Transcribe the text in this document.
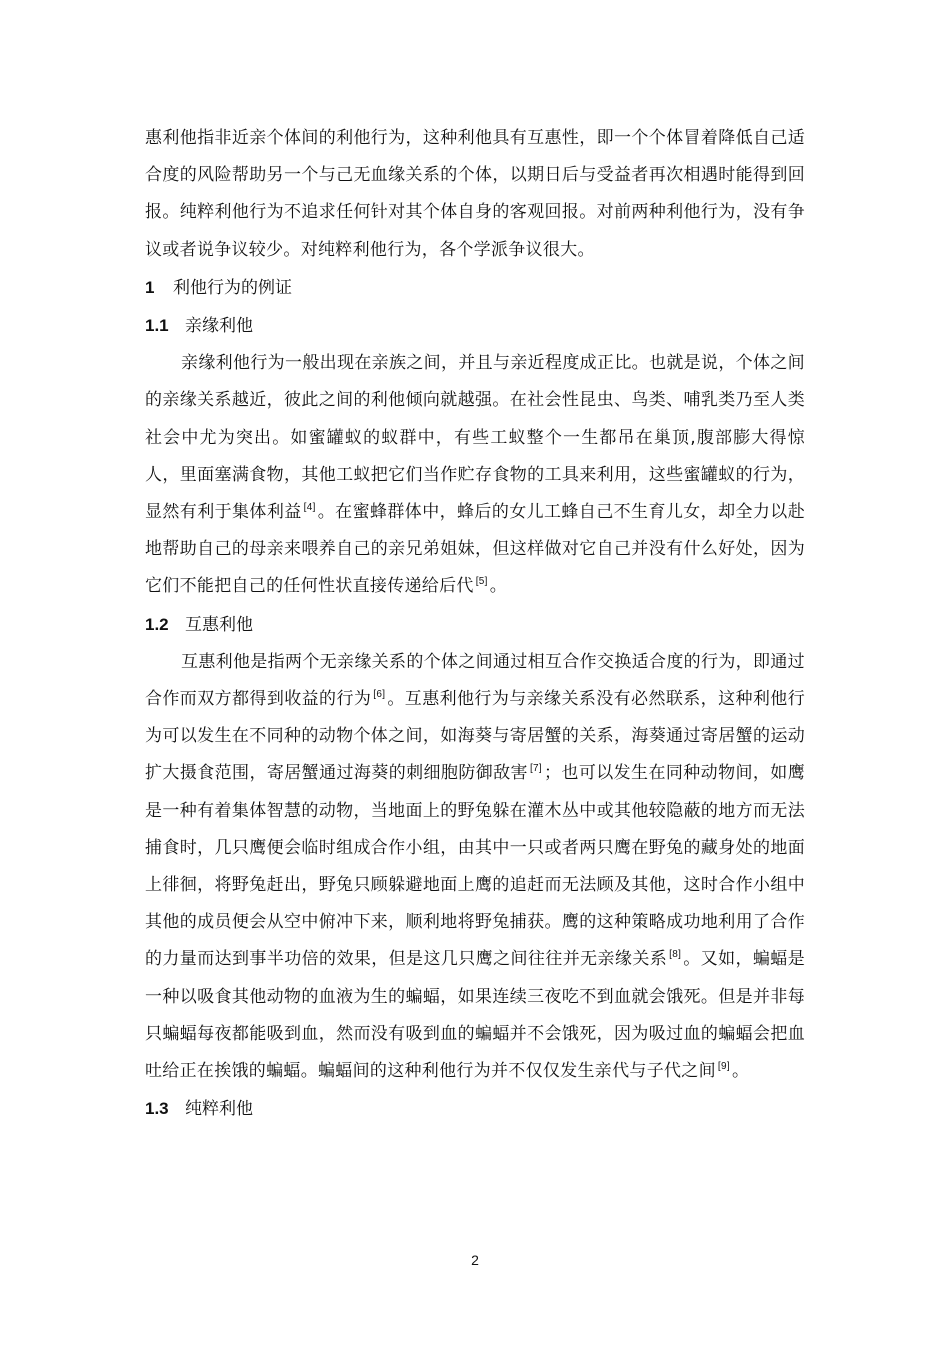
惠利他指非近亲个体间的利他行为，这种利他具有互惠性，即一个个体冒着降低自己适合度的风险帮助另一个与己无血缘关系的个体，以期日后与受益者再次相遇时能得到回报。纯粹利他行为不追求任何针对其个体自身的客观回报。对前两种利他行为，没有争议或者说争议较少。对纯粹利他行为，各个学派争议很大。

1 利他行为的例证
1.1 亲缘利他

亲缘利他行为一般出现在亲族之间，并且与亲近程度成正比。也就是说，个体之间的亲缘关系越近，彼此之间的利他倾向就越强。在社会性昆虫、鸟类、哺乳类乃至人类社会中尤为突出。如蜜罐蚁的蚁群中，有些工蚁整个一生都吊在巢顶,腹部膨大得惊人，里面塞满食物，其他工蚁把它们当作贮存食物的工具来利用，这些蜜罐蚁的行为，显然有利于集体利益 [4] 。在蜜蜂群体中，蜂后的女儿工蜂自己不生育儿女，却全力以赴地帮助自己的母亲来喂养自己的亲兄弟姐妹，但这样做对它自己并没有什么好处，因为它们不能把自己的任何性状直接传递给后代 [5] 。

1.2 互惠利他

互惠利他是指两个无亲缘关系的个体之间通过相互合作交换适合度的行为，即通过合作而双方都得到收益的行为 [6] 。互惠利他行为与亲缘关系没有必然联系，这种利他行为可以发生在不同种的动物个体之间，如海葵与寄居蟹的关系，海葵通过寄居蟹的运动扩大摄食范围，寄居蟹通过海葵的刺细胞防御敌害 [7] ；也可以发生在同种动物间，如鹰是一种有着集体智慧的动物，当地面上的野兔躲在灌木丛中或其他较隐蔽的地方而无法捕食时，几只鹰便会临时组成合作小组，由其中一只或者两只鹰在野兔的藏身处的地面上徘徊，将野兔赶出，野兔只顾躲避地面上鹰的追赶而无法顾及其他，这时合作小组中其他的成员便会从空中俯冲下来，顺利地将野兔捕获。鹰的这种策略成功地利用了合作的力量而达到事半功倍的效果，但是这几只鹰之间往往并无亲缘关系 [8] 。又如，蝙蝠是一种以吸食其他动物的血液为生的蝙蝠，如果连续三夜吃不到血就会饿死。但是并非每只蝙蝠每夜都能吸到血，然而没有吸到血的蝙蝠并不会饿死，因为吸过血的蝙蝠会把血吐给正在挨饿的蝙蝠。蝙蝠间的这种利他行为并不仅仅发生亲代与子代之间 [9] 。

1.3 纯粹利他
2
